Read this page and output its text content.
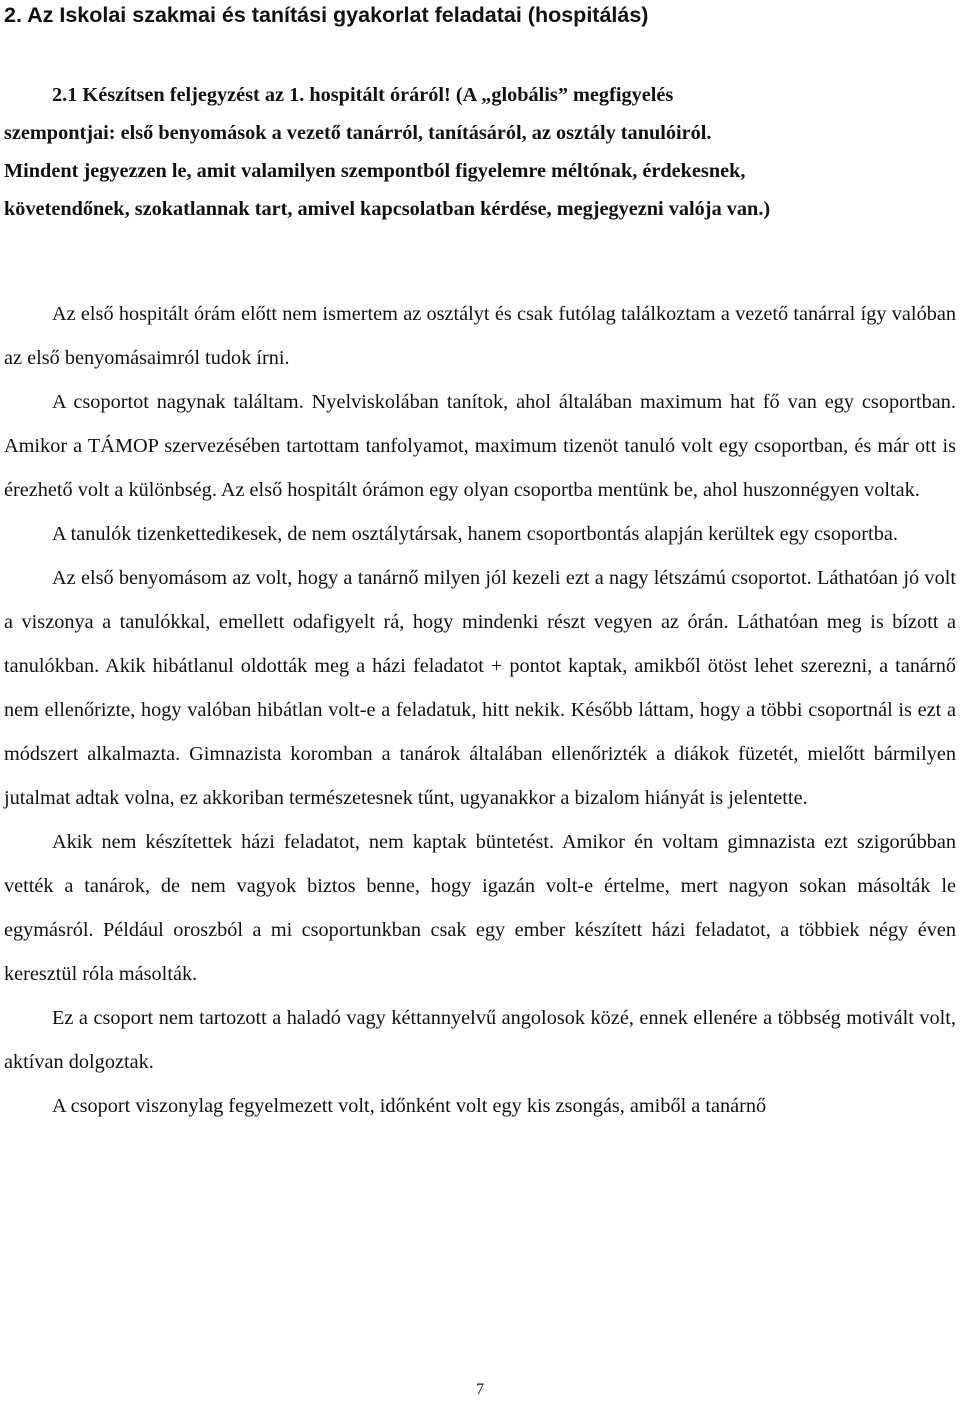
2. Az Iskolai szakmai és tanítási gyakorlat feladatai (hospitálás)

2.1 Készítsen feljegyzést az 1. hospitált óráról! (A „globális” megfigyelés

szempontjai: első benyomások a vezető tanárról, tanításáról, az osztály tanulóiról.

Mindent jegyezzen le, amit valamilyen szempontból figyelemre méltónak, érdekesnek,

követendőnek, szokatlannak tart, amivel kapcsolatban kérdése, megjegyezni valója van.)

Az első hospitált órám előtt nem ismertem az osztályt és csak futólag találkoztam a vezető tanárral így valóban az első benyomásaimról tudok írni.

A csoportot nagynak találtam. Nyelviskolában tanítok, ahol általában maximum hat fő van egy csoportban. Amikor a TÁMOP szervezésében tartottam tanfolyamot, maximum tizenöt tanuló volt egy csoportban, és már ott is érezhető volt a különbség. Az első hospitált órámon egy olyan csoportba mentünk be, ahol huszonnégyen voltak.

A tanulók tizenkettedikesek, de nem osztálytársak, hanem csoportbontás alapján kerültek egy csoportba.

Az első benyomásom az volt, hogy a tanárnő milyen jól kezeli ezt a nagy létszámú csoportot. Láthatóan jó volt a viszonya a tanulókkal, emellett odafigyelt rá, hogy mindenki részt vegyen az órán. Láthatóan meg is bízott a tanulókban. Akik hibátlanul oldották meg a házi feladatot + pontot kaptak, amikből ötöst lehet szerezni, a tanárnő nem ellenőrizte, hogy valóban hibátlan volt-e a feladatuk, hitt nekik. Később láttam, hogy a többi csoportnál is ezt a módszert alkalmazta. Gimnazista koromban a tanárok általában ellenőrizték a diákok füzetét, mielőtt bármilyen jutalmat adtak volna, ez akkoriban természetesnek tűnt, ugyanakkor a bizalom hiányát is jelentette.

Akik nem készítettek házi feladatot, nem kaptak büntetést. Amikor én voltam gimnazista ezt szigorúbban vették a tanárok, de nem vagyok biztos benne, hogy igazán volt-e értelme, mert nagyon sokan másolták le egymásról. Például oroszból a mi csoportunkban csak egy ember készített házi feladatot, a többiek négy éven keresztül róla másolták.

Ez a csoport nem tartozott a haladó vagy kéttannyelvű angolosok közé, ennek ellenére a többség motivált volt, aktívan dolgoztak.

A csoport viszonylag fegyelmezett volt, időnként volt egy kis zsongás, amiből a tanárnő

7
